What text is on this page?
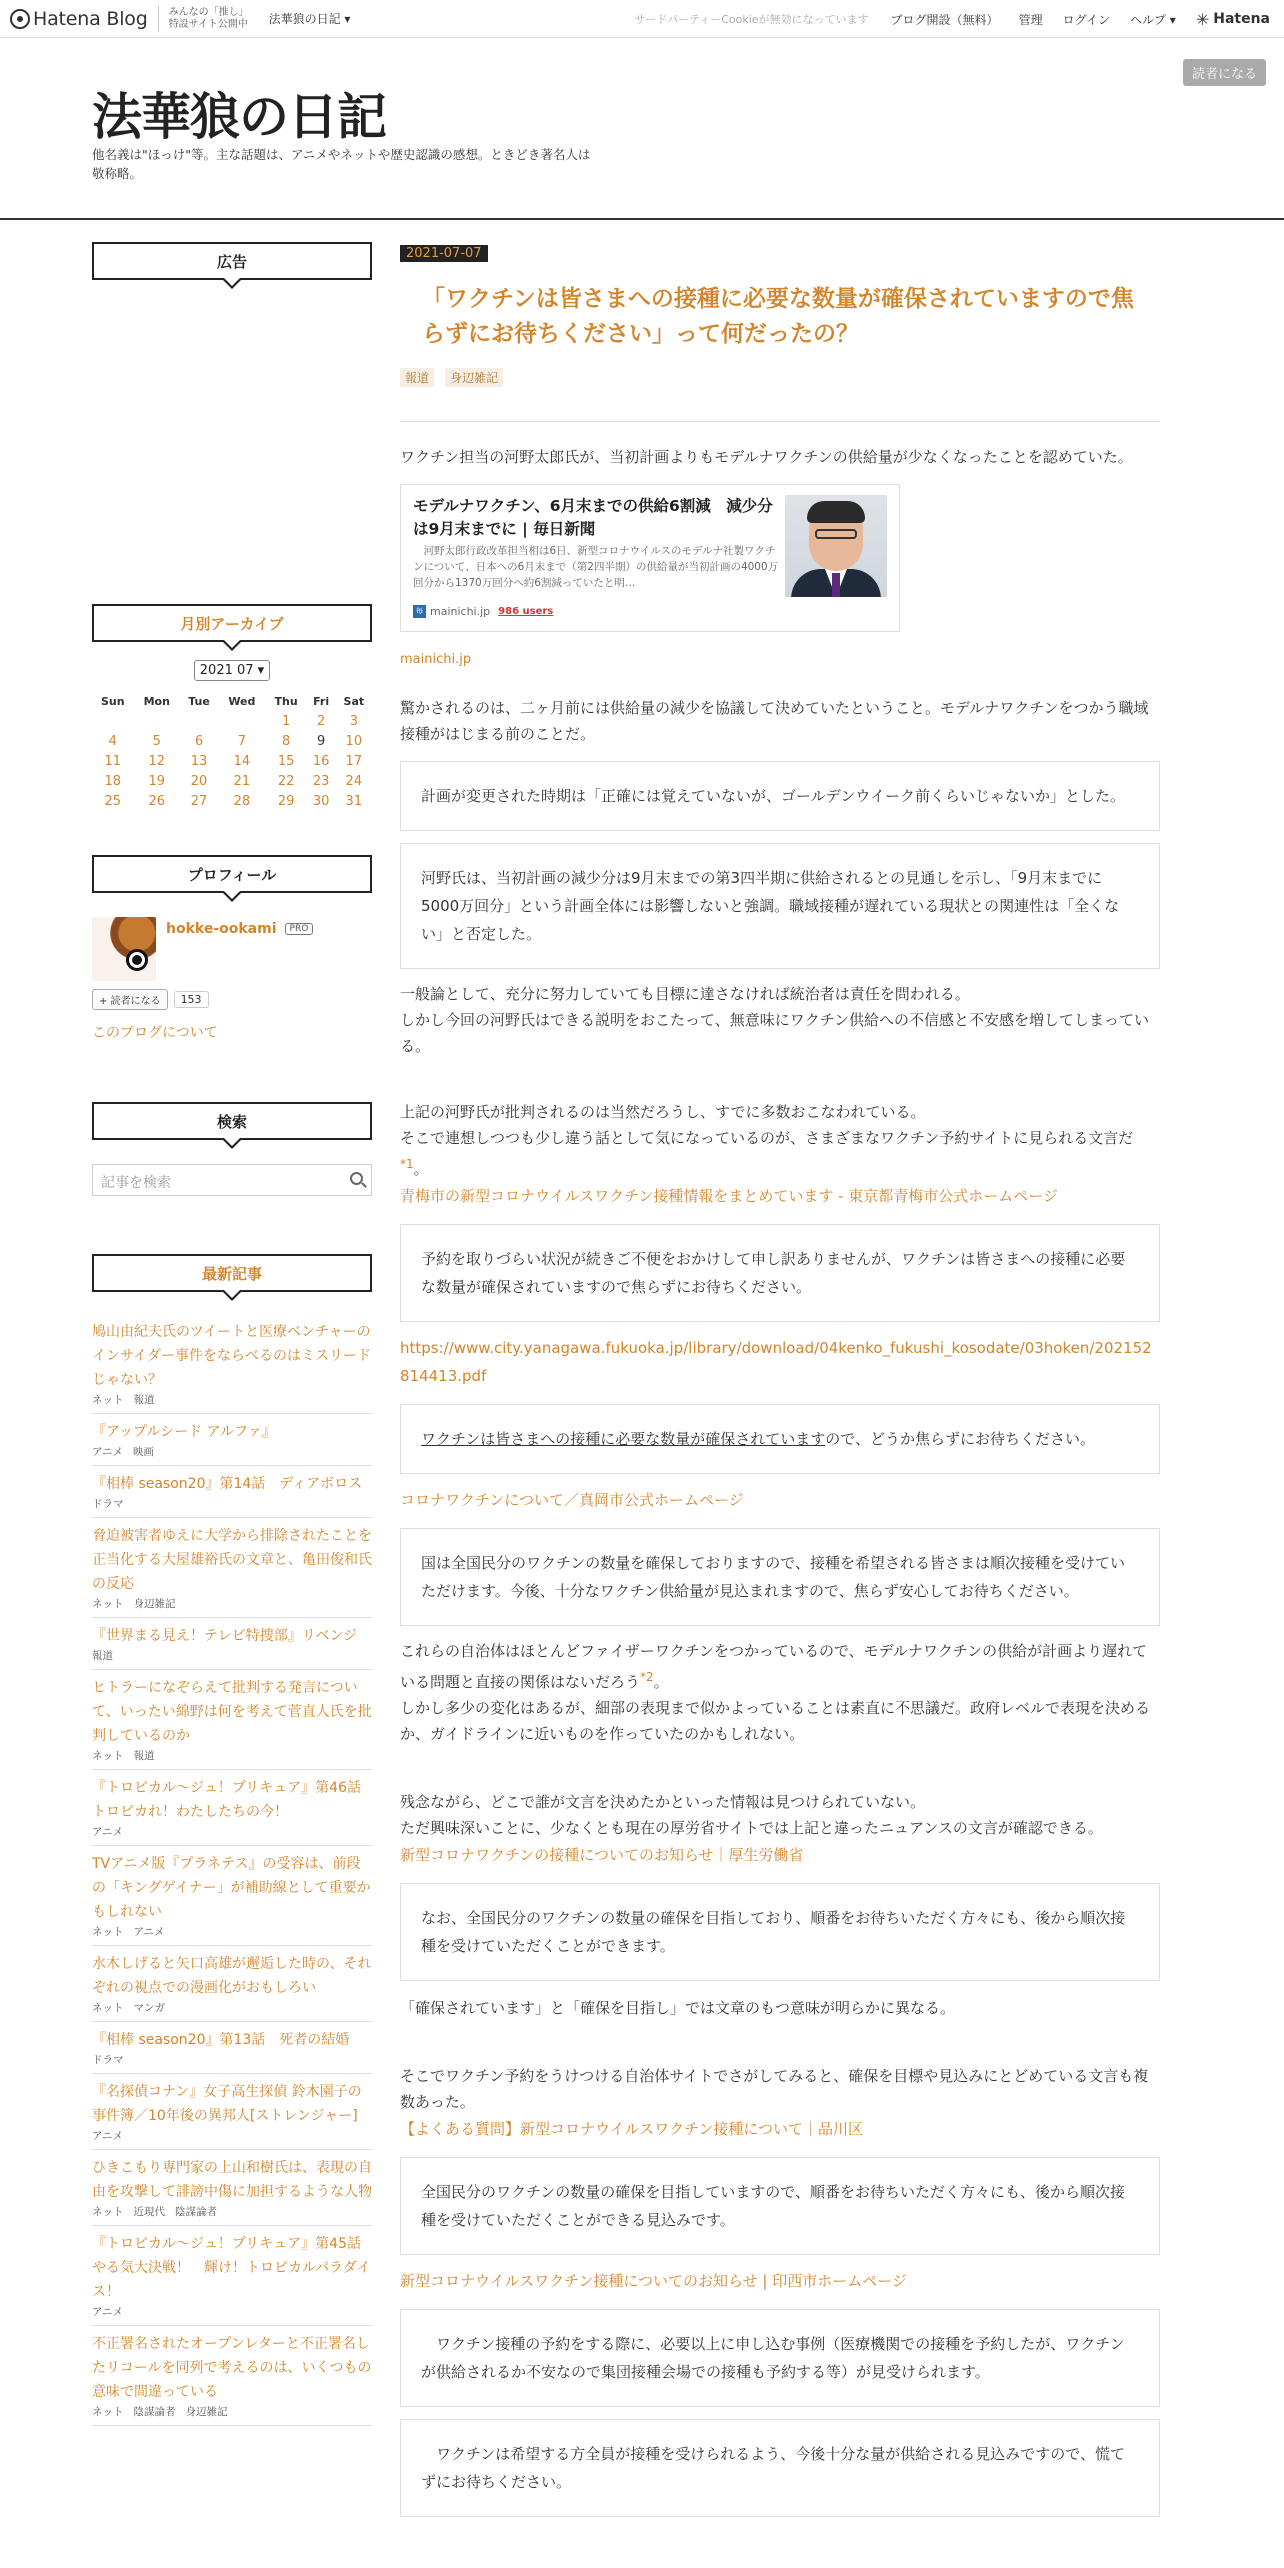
Hatena Blog みんなの「推し」
特設サイト公開中 法華狼の日記 ▾	サードパーティーCookieが無効になっています ブログ開設（無料） 管理 ログイン ヘルプ ▾ ✳ Hatena
法華狼の日記
他名義は"ほっけ"等。主な話題は、アニメやネットや歴史認識の感想。ときどき著名人は敬称略。
読者になる
広告
月別アーカイブ
2021 07 ▾
Sun	Mon	Tue	Wed	Thu	Fri	Sat
				1	2	3
4	5	6	7	8	9	10
11	12	13	14	15	16	17
18	19	20	21	22	23	24
25	26	27	28	29	30	31
プロフィール
hokke-ookami	PRO
+ 読者になる	153
このブログについて
検索
記事を検索
最新記事
鳩山由紀夫氏のツイートと医療ベンチャーのインサイダー事件をならべるのはミスリードじゃない？
ネット 報道
『アップルシード アルファ』
アニメ 映画
『相棒 season20』第14話　ディアボロス
ドラマ
脅迫被害者ゆえに大学から排除されたことを正当化する大屋雄裕氏の文章と、亀田俊和氏の反応
ネット 身辺雑記
『世界まる見え！テレビ特捜部』リベンジ
報道
ヒトラーになぞらえて批判する発言について、いったい綿野は何を考えて菅直人氏を批判しているのか
ネット 報道
『トロピカル～ジュ！プリキュア』第46話　トロピカれ！わたしたちの今！
アニメ
TVアニメ版『プラネテス』の受容は、前段の「キングゲイナー」が補助線として重要かもしれない
ネット アニメ
水木しげると矢口高雄が邂逅した時の、それぞれの視点での漫画化がおもしろい
ネット マンガ
『相棒 season20』第13話　死者の結婚
ドラマ
『名探偵コナン』女子高生探偵 鈴木園子の事件簿／10年後の異邦人[ストレンジャー]
アニメ
ひきこもり専門家の上山和樹氏は、表現の自由を攻撃して誹謗中傷に加担するような人物
ネット 近現代 陰謀論者
『トロピカル～ジュ！プリキュア』第45話　やる気大決戦！　輝け！トロピカルパラダイス！
アニメ
不正署名されたオープンレターと不正署名したリコールを同列で考えるのは、いくつもの意味で間違っている
ネット 陰謀論者 身辺雑記
2021-07-07
「ワクチンは皆さまへの接種に必要な数量が確保されていますので焦らずにお待ちください」って何だったの？
報道 身辺雑記
ワクチン担当の河野太郎氏が、当初計画よりもモデルナワクチンの供給量が少なくなったことを認めていた。
モデルナワクチン、6月末までの供給6割減　減少分は9月末までに | 毎日新聞
　河野太郎行政改革担当相は6日、新型コロナウイルスのモデルナ社製ワクチンについて、日本への6月末まで（第2四半期）の供給量が当初計画の4000万回分から1370万回分へ約6割減っていたと明…
毎日
mainichi.jp 986 users
mainichi.jp
驚かされるのは、二ヶ月前には供給量の減少を協議して決めていたということ。モデルナワクチンをつかう職域接種がはじまる前のことだ。
計画が変更された時期は「正確には覚えていないが、ゴールデンウイーク前くらいじゃないか」とした。
河野氏は、当初計画の減少分は9月末までの第3四半期に供給されるとの見通しを示し、「9月末までに5000万回分」という計画全体には影響しないと強調。職域接種が遅れている現状との関連性は「全くない」と否定した。
一般論として、充分に努力していても目標に達さなければ統治者は責任を問われる。
しかし今回の河野氏はできる説明をおこたって、無意味にワクチン供給への不信感と不安感を増してしまっている。
上記の河野氏が批判されるのは当然だろうし、すでに多数おこなわれている。
そこで連想しつつも少し違う話として気になっているのが、さまざまなワクチン予約サイトに見られる文言だ$^{*1}$。
青梅市の新型コロナウイルスワクチン接種情報をまとめています - 東京都青梅市公式ホームページ
予約を取りづらい状況が続きご不便をおかけして申し訳ありませんが、ワクチンは皆さまへの接種に必要な数量が確保されていますので焦らずにお待ちください。
https://www.city.yanagawa.fukuoka.jp/library/download/04kenko_fukushi_kosodate/03hoken/202152814413.pdf
ワクチンは皆さまへの接種に必要な数量が確保されていますので、どうか焦らずにお待ちください。
コロナワクチンについて／真岡市公式ホームページ
国は全国民分のワクチンの数量を確保しておりますので、接種を希望される皆さまは順次接種を受けていただけます。今後、十分なワクチン供給量が見込まれますので、焦らず安心してお待ちください。
これらの自治体はほとんどファイザーワクチンをつかっているので、モデルナワクチンの供給が計画より遅れている問題と直接の関係はないだろう$^{*2}$。
しかし多少の変化はあるが、細部の表現まで似かよっていることは素直に不思議だ。政府レベルで表現を決めるか、ガイドラインに近いものを作っていたのかもしれない。
残念ながら、どこで誰が文言を決めたかといった情報は見つけられていない。
ただ興味深いことに、少なくとも現在の厚労省サイトでは上記と違ったニュアンスの文言が確認できる。
新型コロナワクチンの接種についてのお知らせ｜厚生労働省
なお、全国民分のワクチンの数量の確保を目指しており、順番をお待ちいただく方々にも、後から順次接種を受けていただくことができます。
「確保されています」と「確保を目指し」では文章のもつ意味が明らかに異なる。
そこでワクチン予約をうけつける自治体サイトでさがしてみると、確保を目標や見込みにとどめている文言も複数あった。
【よくある質問】新型コロナウイルスワクチン接種について｜品川区
全国民分のワクチンの数量の確保を目指していますので、順番をお待ちいただく方々にも、後から順次接種を受けていただくことができる見込みです。
新型コロナウイルスワクチン接種についてのお知らせ | 印西市ホームページ
　ワクチン接種の予約をする際に、必要以上に申し込む事例（医療機関での接種を予約したが、ワクチンが供給されるか不安なので集団接種会場での接種も予約する等）が見受けられます。
　ワクチンは希望する方全員が接種を受けられるよう、今後十分な量が供給される見込みですので、慌てずにお待ちください。
